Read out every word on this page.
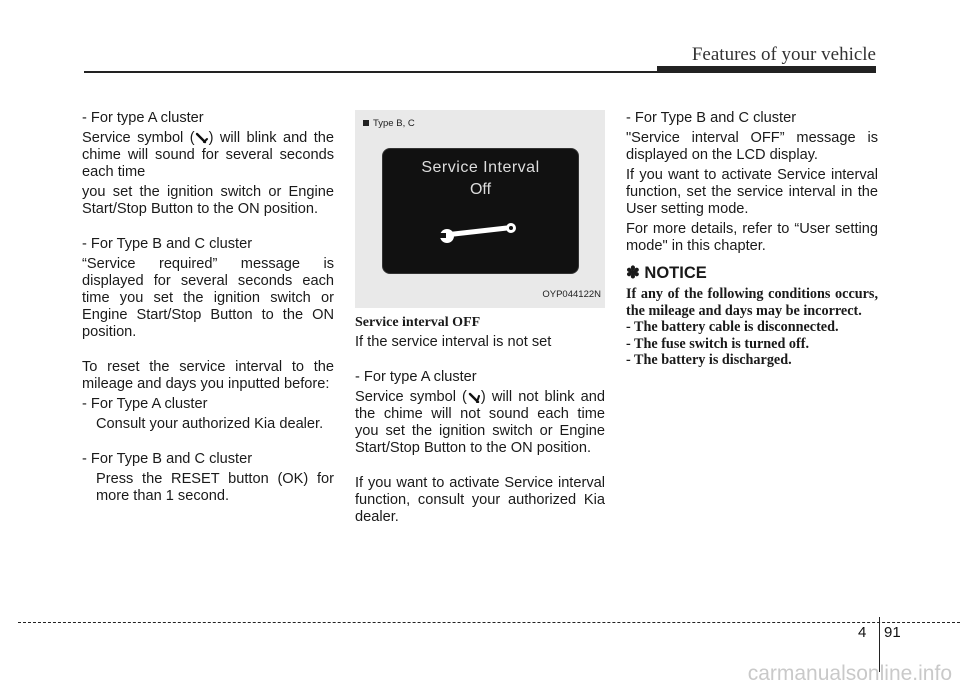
Features of your vehicle

- For type A cluster

Service symbol ( ) will blink and the chime will sound for several seconds each time

you set the ignition switch or Engine Start/Stop Button to the ON position.

- For Type B and C cluster

“Service required” message is displayed for several seconds each time you set the ignition switch or Engine Start/Stop Button to the ON position.

To reset the service interval to the mileage and days you inputted before:

- For Type A cluster

Consult your authorized Kia dealer.

- For Type B and C cluster

Press the RESET button (OK) for more than 1 second.

Type B, C
Service Interval
Off
OYP044122N
Service interval OFF

If the service interval is not set

- For type A cluster

Service symbol ( ) will not blink and the chime will not sound each time you set the ignition switch or Engine Start/Stop Button to the ON position.

If you want to activate Service interval function, consult your authorized Kia dealer.

- For Type B and C cluster

"Service interval OFF” message is displayed on the LCD display.

If you want to activate Service interval function, set the service interval in the User setting mode.

For more details, refer to “User setting mode" in this chapter.

✽ NOTICE

If any of the following conditions occurs, the mileage and days may be incorrect.

- The battery cable is disconnected.

- The fuse switch is turned off.

- The battery is discharged.

4 91
carmanualsonline.info
